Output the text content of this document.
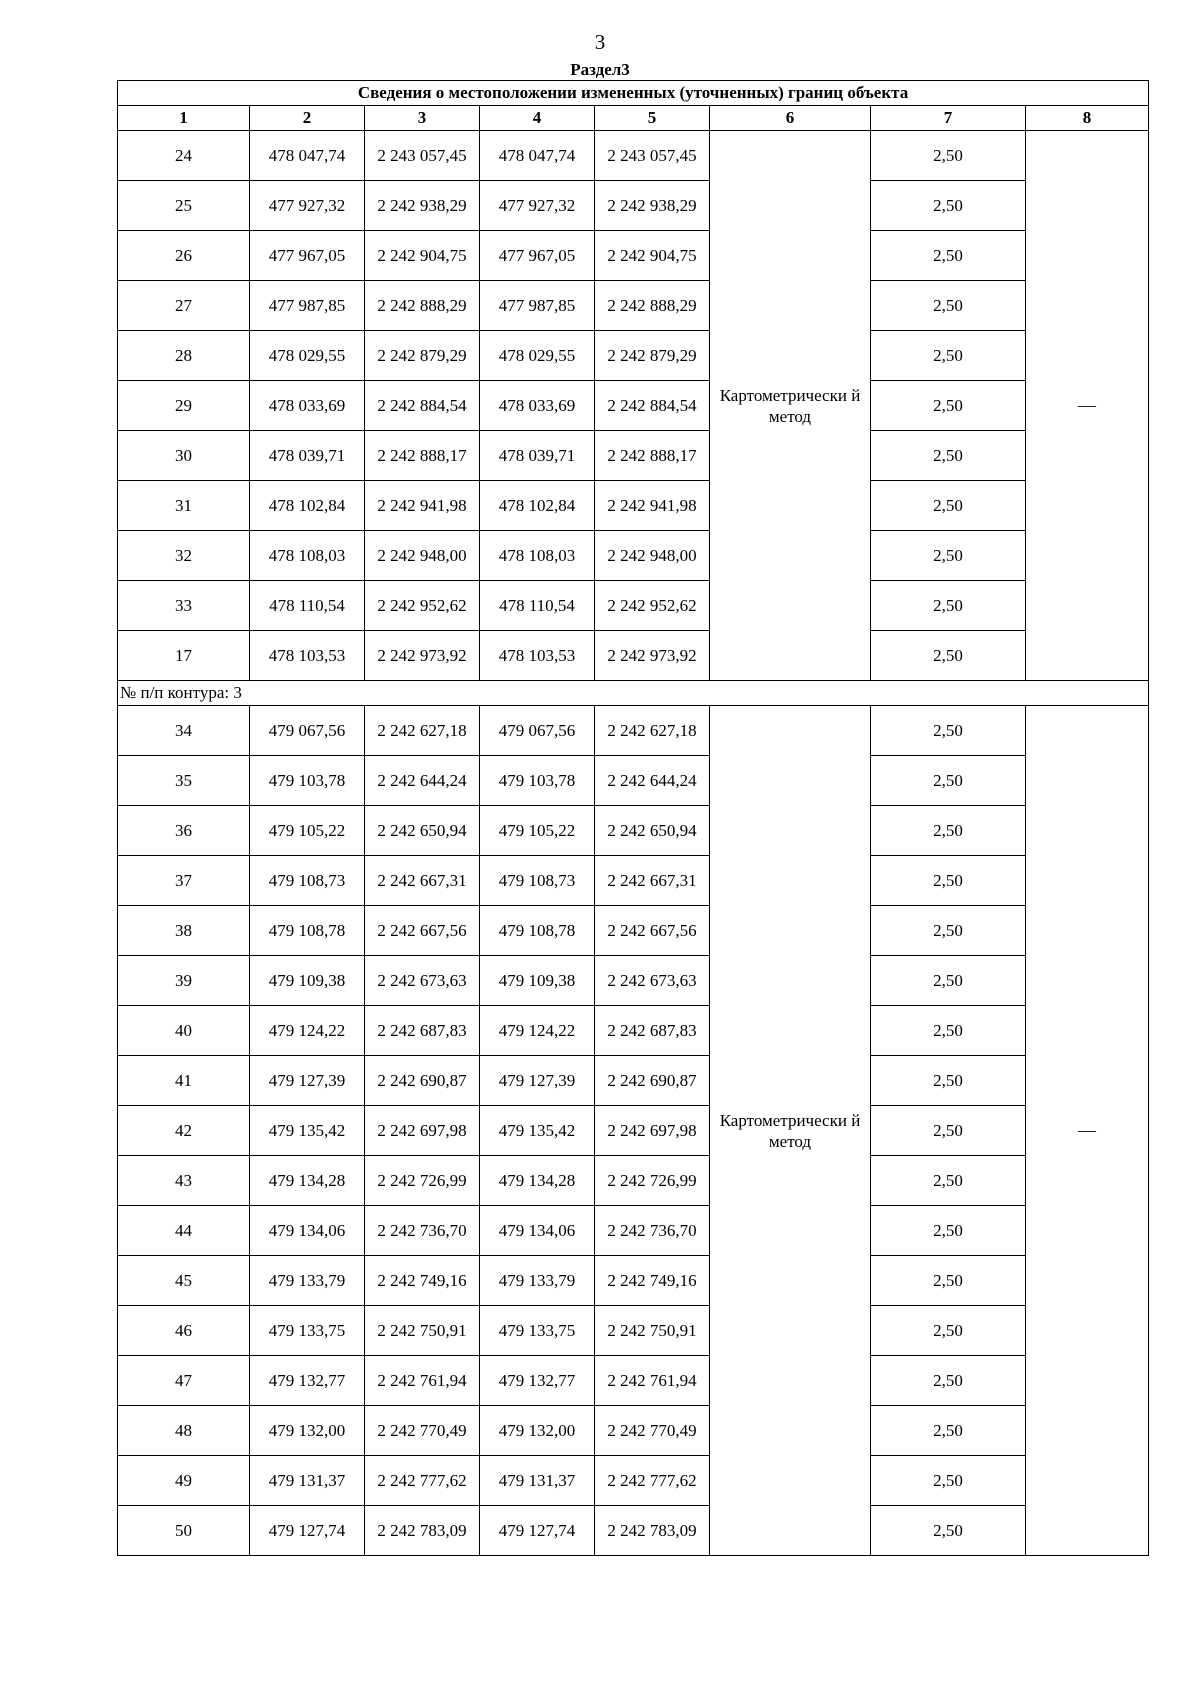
3
Раздел3
Сведения о местоположении измененных (уточненных) границ объекта							
1	2	3	4	5	6	7	8
24	478 047,74	2 243 057,45	478 047,74	2 243 057,45	Картометрически й метод	2,50	—
25	477 927,32	2 242 938,29	477 927,32	2 242 938,29		2,50	
26	477 967,05	2 242 904,75	477 967,05	2 242 904,75		2,50	
27	477 987,85	2 242 888,29	477 987,85	2 242 888,29		2,50	
28	478 029,55	2 242 879,29	478 029,55	2 242 879,29		2,50	
29	478 033,69	2 242 884,54	478 033,69	2 242 884,54		2,50	
30	478 039,71	2 242 888,17	478 039,71	2 242 888,17		2,50	
31	478 102,84	2 242 941,98	478 102,84	2 242 941,98		2,50	
32	478 108,03	2 242 948,00	478 108,03	2 242 948,00		2,50	
33	478 110,54	2 242 952,62	478 110,54	2 242 952,62		2,50	
17	478 103,53	2 242 973,92	478 103,53	2 242 973,92		2,50	
№ п/п контура: 3							
34	479 067,56	2 242 627,18	479 067,56	2 242 627,18	Картометрически й метод	2,50	—
35	479 103,78	2 242 644,24	479 103,78	2 242 644,24		2,50	
36	479 105,22	2 242 650,94	479 105,22	2 242 650,94		2,50	
37	479 108,73	2 242 667,31	479 108,73	2 242 667,31		2,50	
38	479 108,78	2 242 667,56	479 108,78	2 242 667,56		2,50	
39	479 109,38	2 242 673,63	479 109,38	2 242 673,63		2,50	
40	479 124,22	2 242 687,83	479 124,22	2 242 687,83		2,50	
41	479 127,39	2 242 690,87	479 127,39	2 242 690,87		2,50	
42	479 135,42	2 242 697,98	479 135,42	2 242 697,98		2,50	
43	479 134,28	2 242 726,99	479 134,28	2 242 726,99		2,50	
44	479 134,06	2 242 736,70	479 134,06	2 242 736,70		2,50	
45	479 133,79	2 242 749,16	479 133,79	2 242 749,16		2,50	
46	479 133,75	2 242 750,91	479 133,75	2 242 750,91		2,50	
47	479 132,77	2 242 761,94	479 132,77	2 242 761,94		2,50	
48	479 132,00	2 242 770,49	479 132,00	2 242 770,49		2,50	
49	479 131,37	2 242 777,62	479 131,37	2 242 777,62		2,50	
50	479 127,74	2 242 783,09	479 127,74	2 242 783,09		2,50	
